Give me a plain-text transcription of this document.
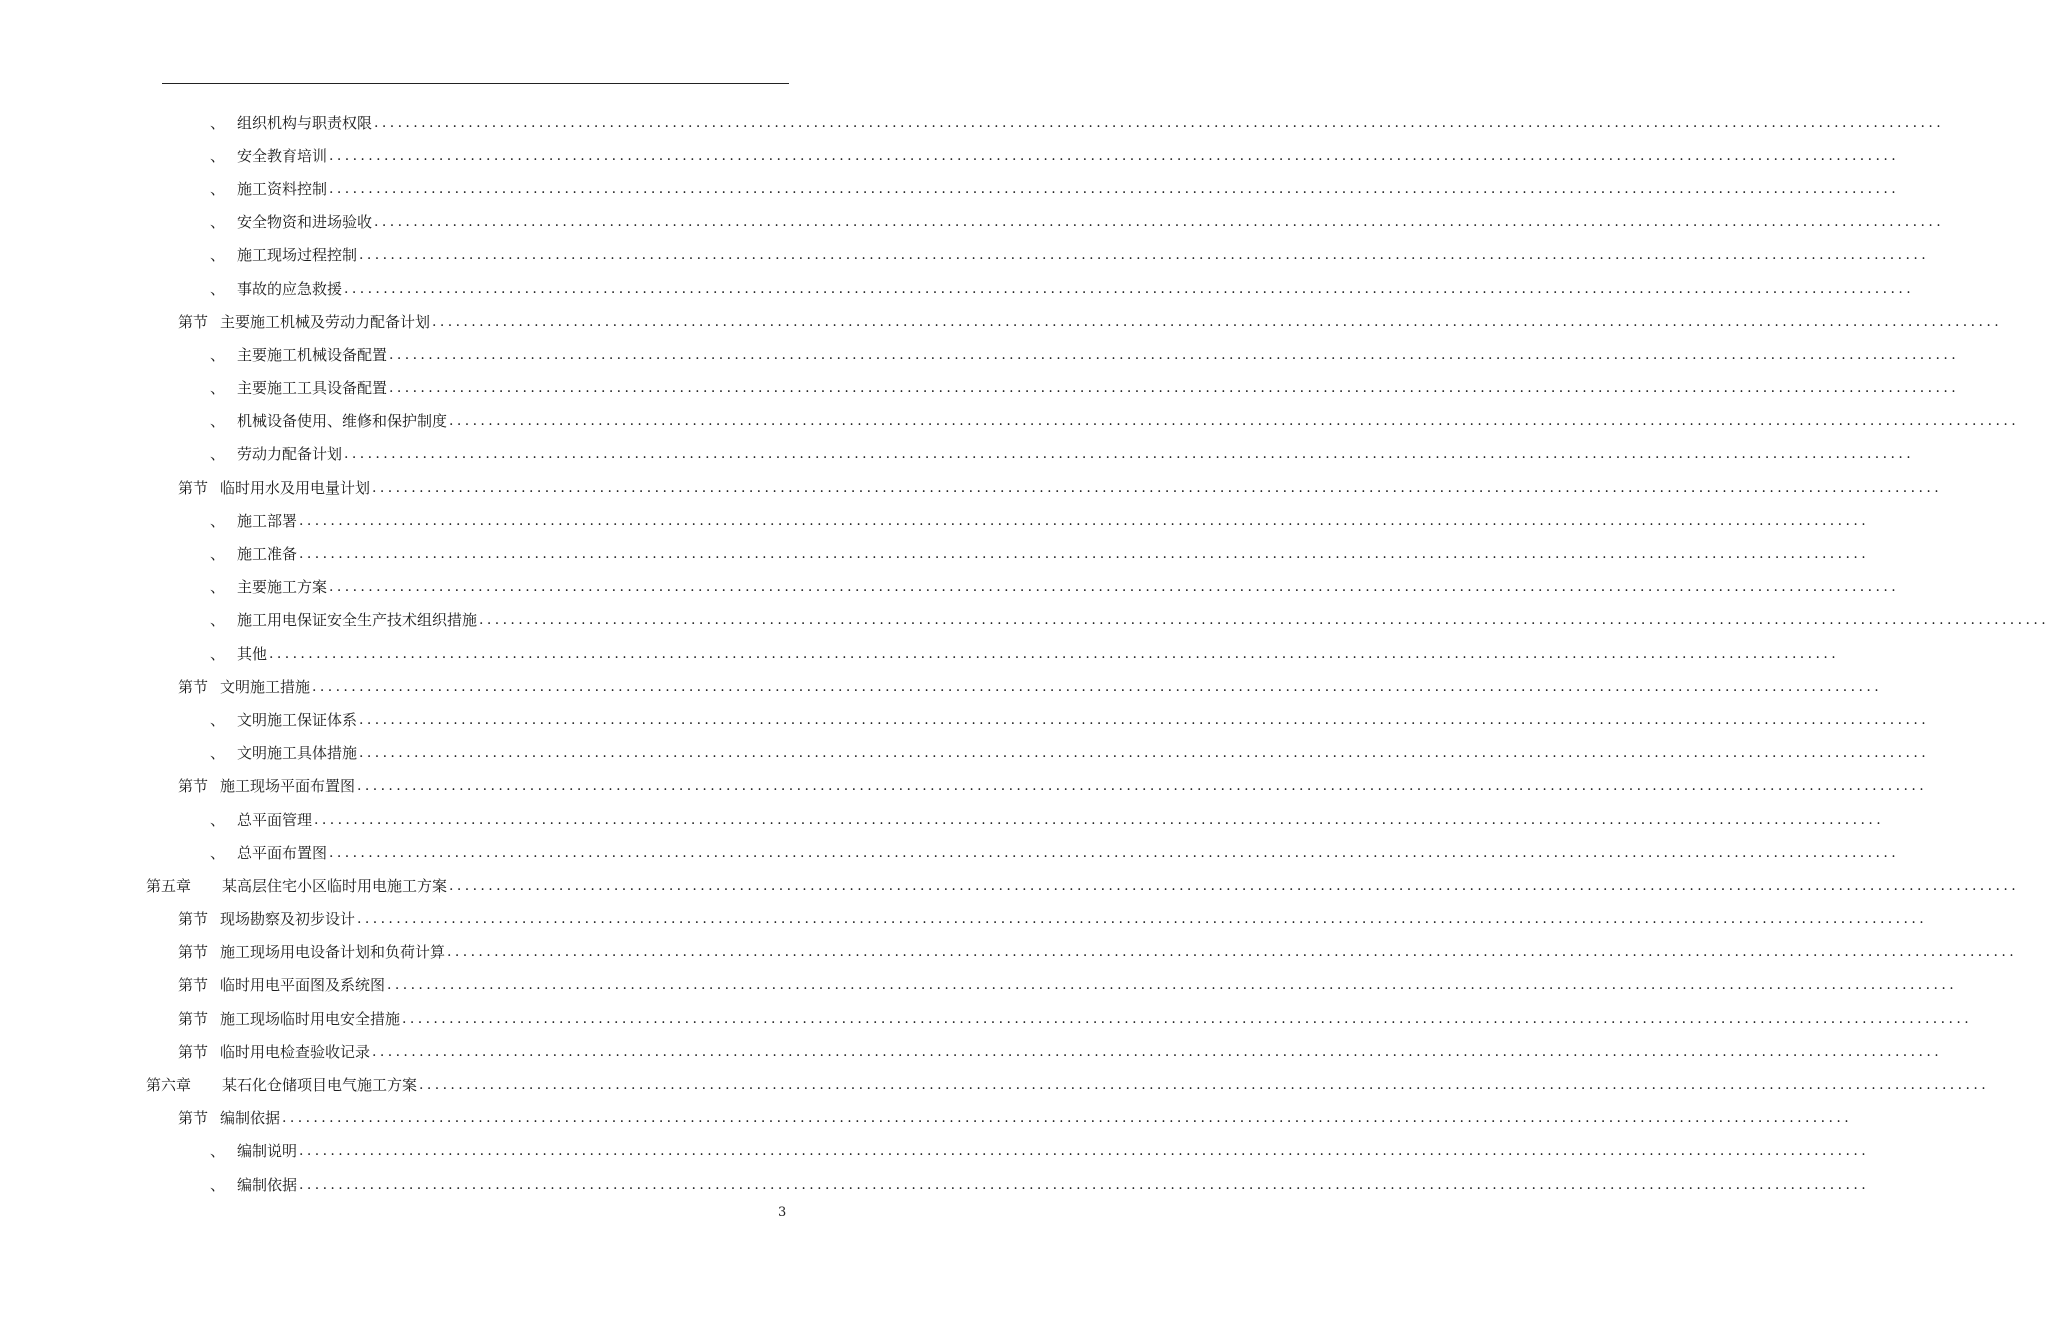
、 组织机构与职责权限 ........................................................................................................................................................................................................
、 安全教育培训 ........................................................................................................................................................................................................
、 施工资料控制 ........................................................................................................................................................................................................
、 安全物资和进场验收 ........................................................................................................................................................................................................
、 施工现场过程控制 ........................................................................................................................................................................................................
、 事故的应急救援 ........................................................................................................................................................................................................
第节 主要施工机械及劳动力配备计划 ........................................................................................................................................................................................................
、 主要施工机械设备配置 ........................................................................................................................................................................................................
、 主要施工工具设备配置 ........................................................................................................................................................................................................
、 机械设备使用、维修和保护制度 ........................................................................................................................................................................................................
、 劳动力配备计划 ........................................................................................................................................................................................................
第节 临时用水及用电量计划 ........................................................................................................................................................................................................
、 施工部署 ........................................................................................................................................................................................................
、 施工准备 ........................................................................................................................................................................................................
、 主要施工方案 ........................................................................................................................................................................................................
、 施工用电保证安全生产技术组织措施 ........................................................................................................................................................................................................
、 其他 ........................................................................................................................................................................................................
第节 文明施工措施 ........................................................................................................................................................................................................
、 文明施工保证体系 ........................................................................................................................................................................................................
、 文明施工具体措施 ........................................................................................................................................................................................................
第节 施工现场平面布置图 ........................................................................................................................................................................................................
、 总平面管理 ........................................................................................................................................................................................................
、 总平面布置图 ........................................................................................................................................................................................................
第五章 某高层住宅小区临时用电施工方案 ........................................................................................................................................................................................................
第节 现场勘察及初步设计 ........................................................................................................................................................................................................
第节 施工现场用电设备计划和负荷计算 ........................................................................................................................................................................................................
第节 临时用电平面图及系统图 ........................................................................................................................................................................................................
第节 施工现场临时用电安全措施 ........................................................................................................................................................................................................
第节 临时用电检查验收记录 ........................................................................................................................................................................................................
第六章 某石化仓储项目电气施工方案 ........................................................................................................................................................................................................
第节 编制依据 ........................................................................................................................................................................................................
、 编制说明 ........................................................................................................................................................................................................
、 编制依据 ........................................................................................................................................................................................................
3
